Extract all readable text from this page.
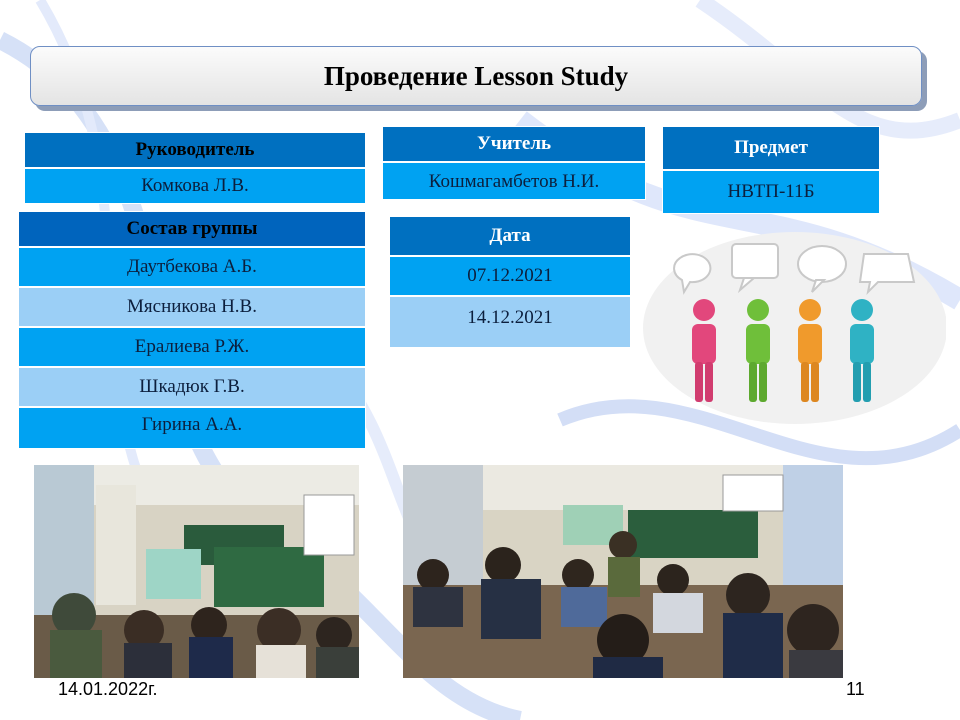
Проведение Lesson Study
Руководитель
Комкова Л.В.
Состав группы
Даутбекова А.Б.
Мясникова Н.В.
Ералиева Р.Ж.
Шкадюк Г.В.
Гирина А.А.
Учитель
Кошмагамбетов Н.И.
Предмет
НВТП-11Б
Дата
07.12.2021
14.12.2021
14.01.2022г.	11
